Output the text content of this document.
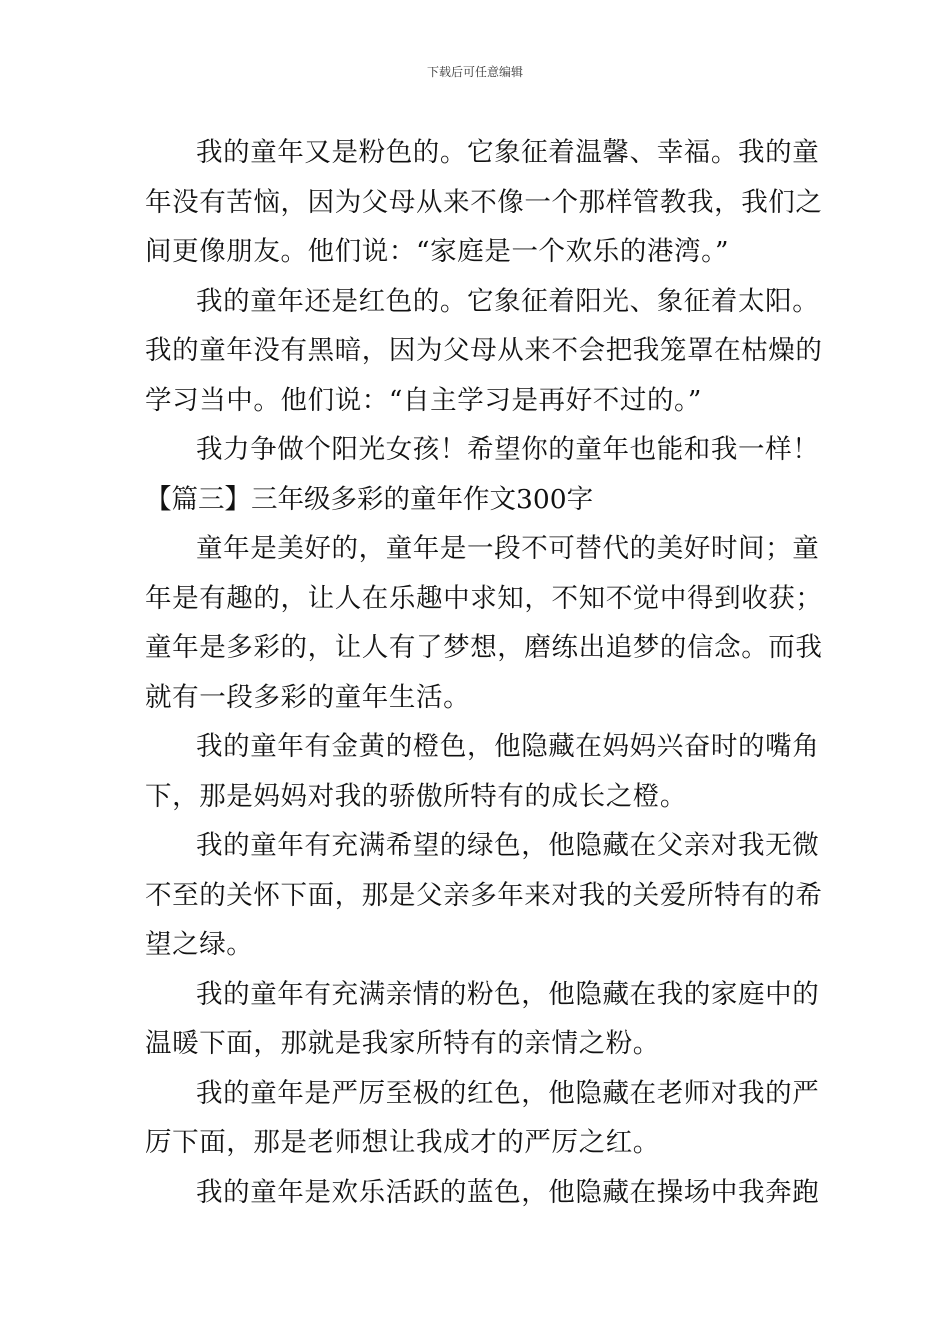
下载后可任意编辑
我的童年又是粉色的。它象征着温馨、幸福。我的童
年没有苦恼，因为父母从来不像一个那样管教我，我们之
间更像朋友。他们说：“家庭是一个欢乐的港湾。”
我的童年还是红色的。它象征着阳光、象征着太阳。
我的童年没有黑暗，因为父母从来不会把我笼罩在枯燥的
学习当中。他们说：“自主学习是再好不过的。”
我力争做个阳光女孩！希望你的童年也能和我一样！
【篇三】三年级多彩的童年作文300字
童年是美好的，童年是一段不可替代的美好时间；童
年是有趣的，让人在乐趣中求知，不知不觉中得到收获；
童年是多彩的，让人有了梦想，磨练出追梦的信念。而我
就有一段多彩的童年生活。
我的童年有金黄的橙色，他隐藏在妈妈兴奋时的嘴角
下，那是妈妈对我的骄傲所特有的成长之橙。
我的童年有充满希望的绿色，他隐藏在父亲对我无微
不至的关怀下面，那是父亲多年来对我的关爱所特有的希
望之绿。
我的童年有充满亲情的粉色，他隐藏在我的家庭中的
温暖下面，那就是我家所特有的亲情之粉。
我的童年是严厉至极的红色，他隐藏在老师对我的严
厉下面，那是老师想让我成才的严厉之红。
我的童年是欢乐活跃的蓝色，他隐藏在操场中我奔跑
